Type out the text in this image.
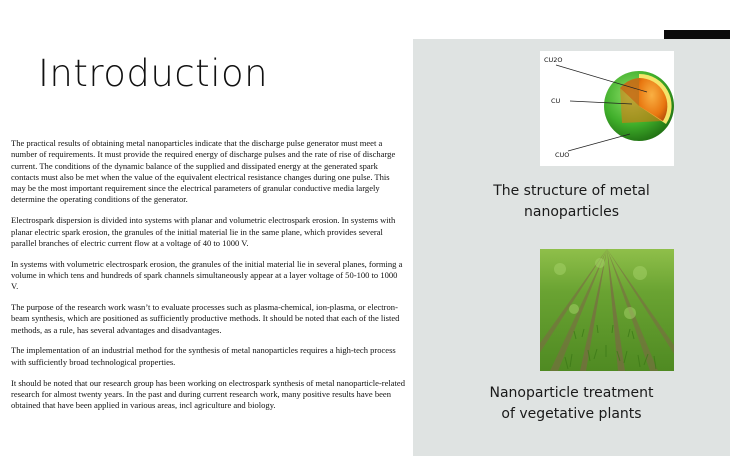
Introduction

The practical results of obtaining metal nanoparticles indicate that the discharge pulse generator must meet a number of requirements. It must provide the required energy of discharge pulses and the rate of rise of discharge current. The conditions of the dynamic balance of the supplied and dissipated energy at the generated spark contacts must also be met when the value of the equivalent electrical resistance changes during one pulse. This may be the most important requirement since the electrical parameters of granular conductive media largely determine the operating conditions of the generator.

Electrospark dispersion is divided into systems with planar and volumetric electrospark erosion. In systems with planar electric spark erosion, the granules of the initial material lie in the same plane, which provides several parallel branches of electric current flow at a voltage of 40 to 1000 V.

In systems with volumetric electrospark erosion, the granules of the initial material lie in several planes, forming a volume in which tens and hundreds of spark channels simultaneously appear at a layer voltage of 50-100 to 1000 V.

The purpose of the research work wasn’t to evaluate processes such as plasma-chemical, ion-plasma, or electron-beam synthesis, which are positioned as sufficiently productive methods. It should be noted that each of the listed methods, as a rule, has several advantages and disadvantages.

The implementation of an industrial method for the synthesis of metal nanoparticles requires a high-tech process with sufficiently broad technological properties.

It should be noted that our research group has been working on electrospark synthesis of metal nanoparticle-related research for almost twenty years. In the past and during current research work, many positive results have been obtained that have been applied in various areas, incl agriculture and biology.

CU2O
CU
CUO
The structure of metal
nanoparticles
Nanoparticle treatment
of vegetative plants
